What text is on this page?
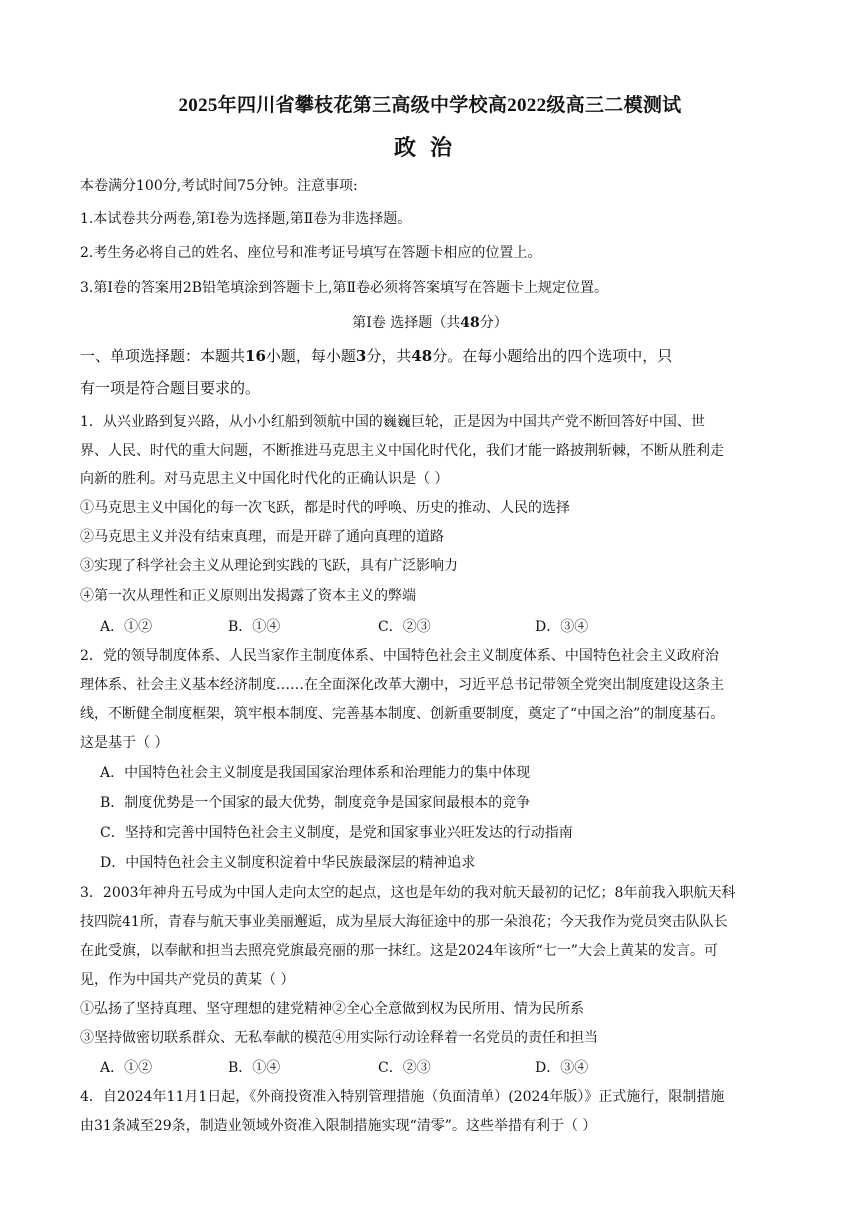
2025年四川省攀枝花第三高级中学校高2022级高三二模测试
政治
本卷满分100分,考试时间75分钟。注意事项:
1.本试卷共分两卷,第Ⅰ卷为选择题,第Ⅱ卷为非选择题。
2.考生务必将自己的姓名、座位号和准考证号填写在答题卡相应的位置上。
3.第Ⅰ卷的答案用2B铅笔填涂到答题卡上,第Ⅱ卷必须将答案填写在答题卡上规定位置。
第Ⅰ卷 选择题（共48分）
一、单项选择题：本题共16小题，每小题3分，共48分。在每小题给出的四个选项中，只
有一项是符合题目要求的。
1．从兴业路到复兴路，从小小红船到领航中国的巍巍巨轮，正是因为中国共产党不断回答好中国、世
界、人民、时代的重大问题，不断推进马克思主义中国化时代化，我们才能一路披荆斩棘，不断从胜利走
向新的胜利。对马克思主义中国化时代化的正确认识是（ ）
①马克思主义中国化的每一次飞跃，都是时代的呼唤、历史的推动、人民的选择
②马克思主义并没有结束真理，而是开辟了通向真理的道路
③实现了科学社会主义从理论到实践的飞跃，具有广泛影响力
④第一次从理性和正义原则出发揭露了资本主义的弊端
A．①②	B．①④	C．②③	D．③④
2．党的领导制度体系、人民当家作主制度体系、中国特色社会主义制度体系、中国特色社会主义政府治
理体系、社会主义基本经济制度……在全面深化改革大潮中，习近平总书记带领全党突出制度建设这条主
线，不断健全制度框架，筑牢根本制度、完善基本制度、创新重要制度，奠定了“中国之治”的制度基石。
这是基于（ ）
A．中国特色社会主义制度是我国国家治理体系和治理能力的集中体现
B．制度优势是一个国家的最大优势，制度竞争是国家间最根本的竞争
C．坚持和完善中国特色社会主义制度，是党和国家事业兴旺发达的行动指南
D．中国特色社会主义制度积淀着中华民族最深层的精神追求
3．2003年神舟五号成为中国人走向太空的起点，这也是年幼的我对航天最初的记忆；8年前我入职航天科
技四院41所，青春与航天事业美丽邂逅，成为星辰大海征途中的那一朵浪花；今天我作为党员突击队队长
在此受旗，以奉献和担当去照亮党旗最亮丽的那一抹红。这是2024年该所“七一”大会上黄某的发言。可
见，作为中国共产党员的黄某（ ）
①弘扬了坚持真理、坚守理想的建党精神②全心全意做到权为民所用、情为民所系
③坚持做密切联系群众、无私奉献的模范④用实际行动诠释着一名党员的责任和担当
A．①②	B．①④	C．②③	D．③④
4．自2024年11月1日起，《外商投资准入特别管理措施（负面清单）(2024年版）》正式施行，限制措施
由31条减至29条，制造业领域外资准入限制措施实现“清零”。这些举措有利于（ ）
